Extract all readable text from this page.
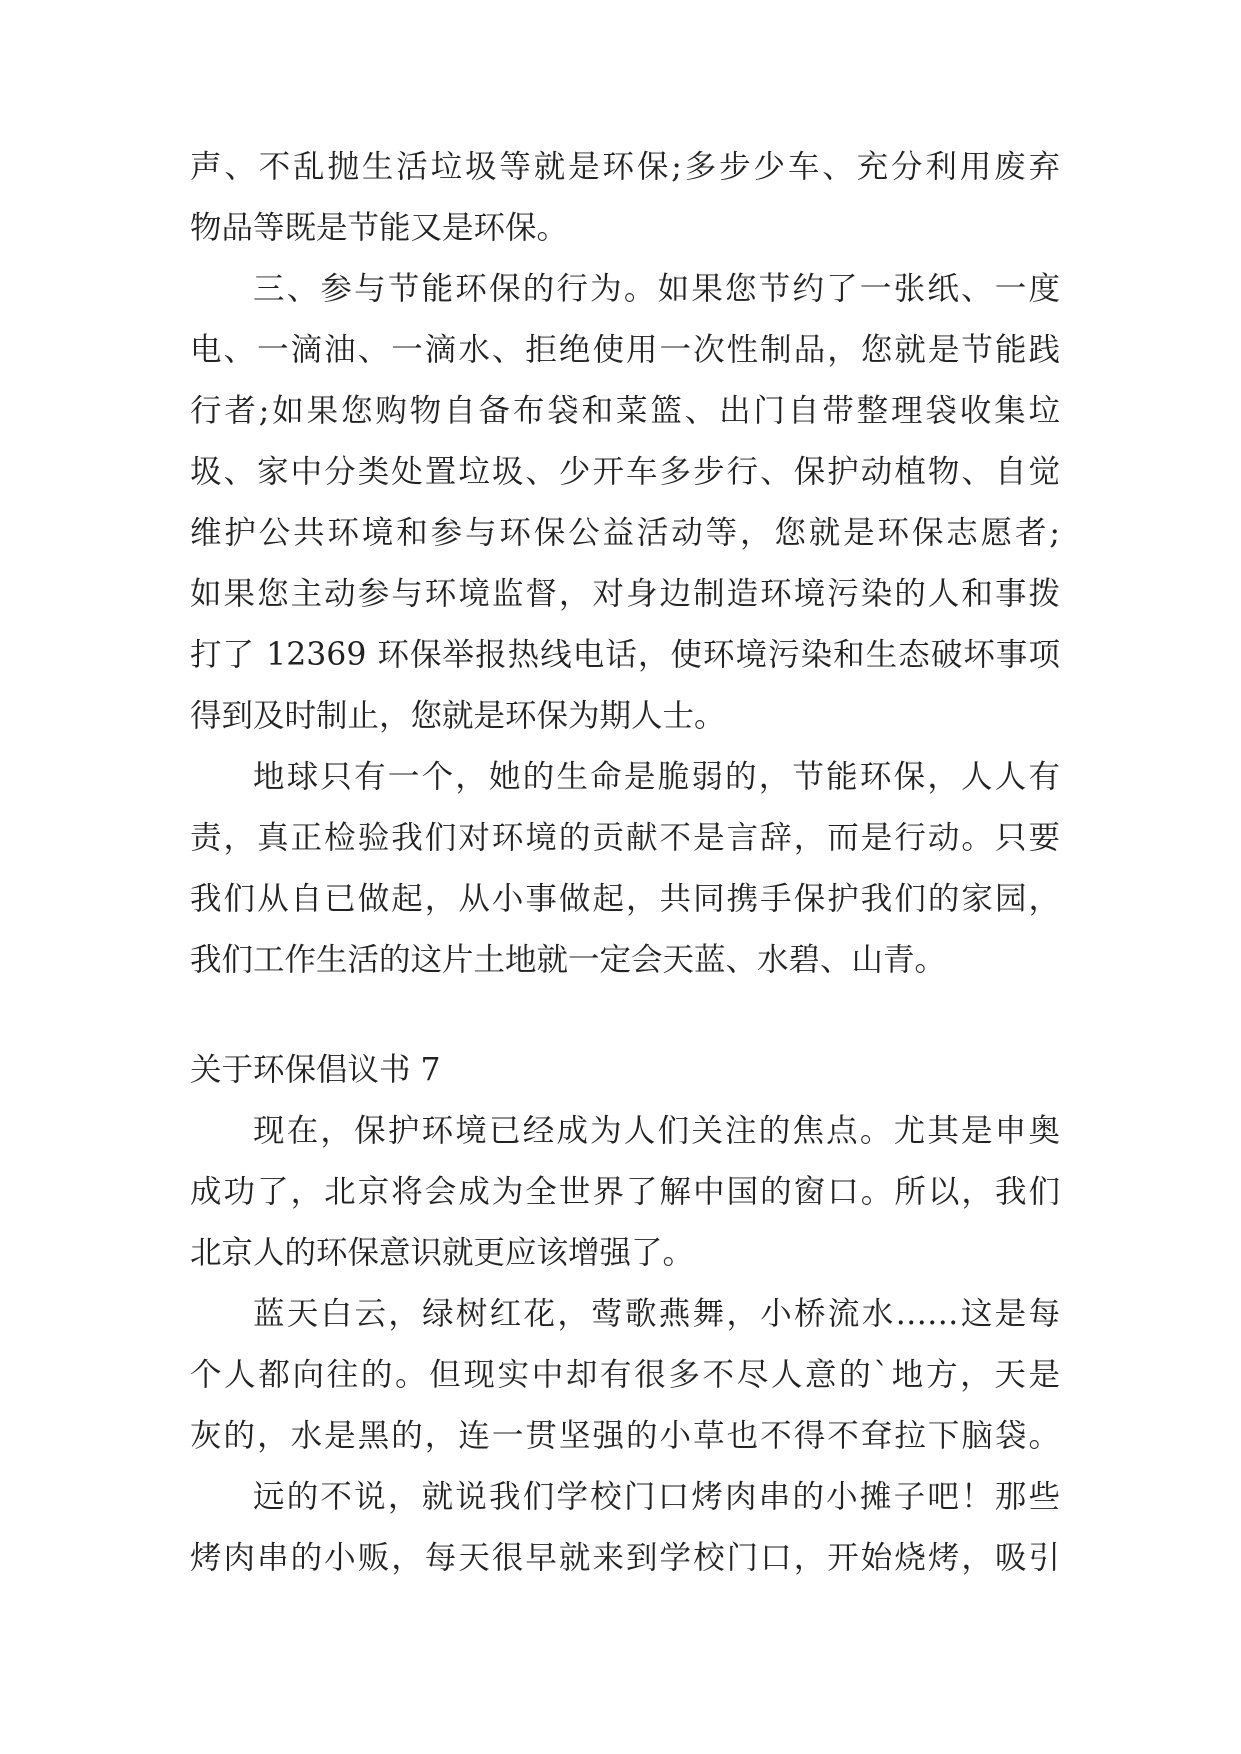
声、不乱抛生活垃圾等就是环保;多步少车、充分利用废弃
物品等既是节能又是环保。
三、参与节能环保的行为。如果您节约了一张纸、一度
电、一滴油、一滴水、拒绝使用一次性制品，您就是节能践
行者;如果您购物自备布袋和菜篮、出门自带整理袋收集垃
圾、家中分类处置垃圾、少开车多步行、保护动植物、自觉
维护公共环境和参与环保公益活动等，您就是环保志愿者;
如果您主动参与环境监督，对身边制造环境污染的人和事拨
打了 12369 环保举报热线电话，使环境污染和生态破坏事项
得到及时制止，您就是环保为期人士。
地球只有一个，她的生命是脆弱的，节能环保，人人有
责，真正检验我们对环境的贡献不是言辞，而是行动。只要
我们从自已做起，从小事做起，共同携手保护我们的家园，
我们工作生活的这片土地就一定会天蓝、水碧、山青。
关于环保倡议书 7
现在，保护环境已经成为人们关注的焦点。尤其是申奥
成功了，北京将会成为全世界了解中国的窗口。所以，我们
北京人的环保意识就更应该增强了。
蓝天白云，绿树红花，莺歌燕舞，小桥流水……这是每
个人都向往的。但现实中却有很多不尽人意的`地方，天是
灰的，水是黑的，连一贯坚强的小草也不得不耷拉下脑袋。
远的不说，就说我们学校门口烤肉串的小摊子吧！那些
烤肉串的小贩，每天很早就来到学校门口，开始烧烤，吸引
